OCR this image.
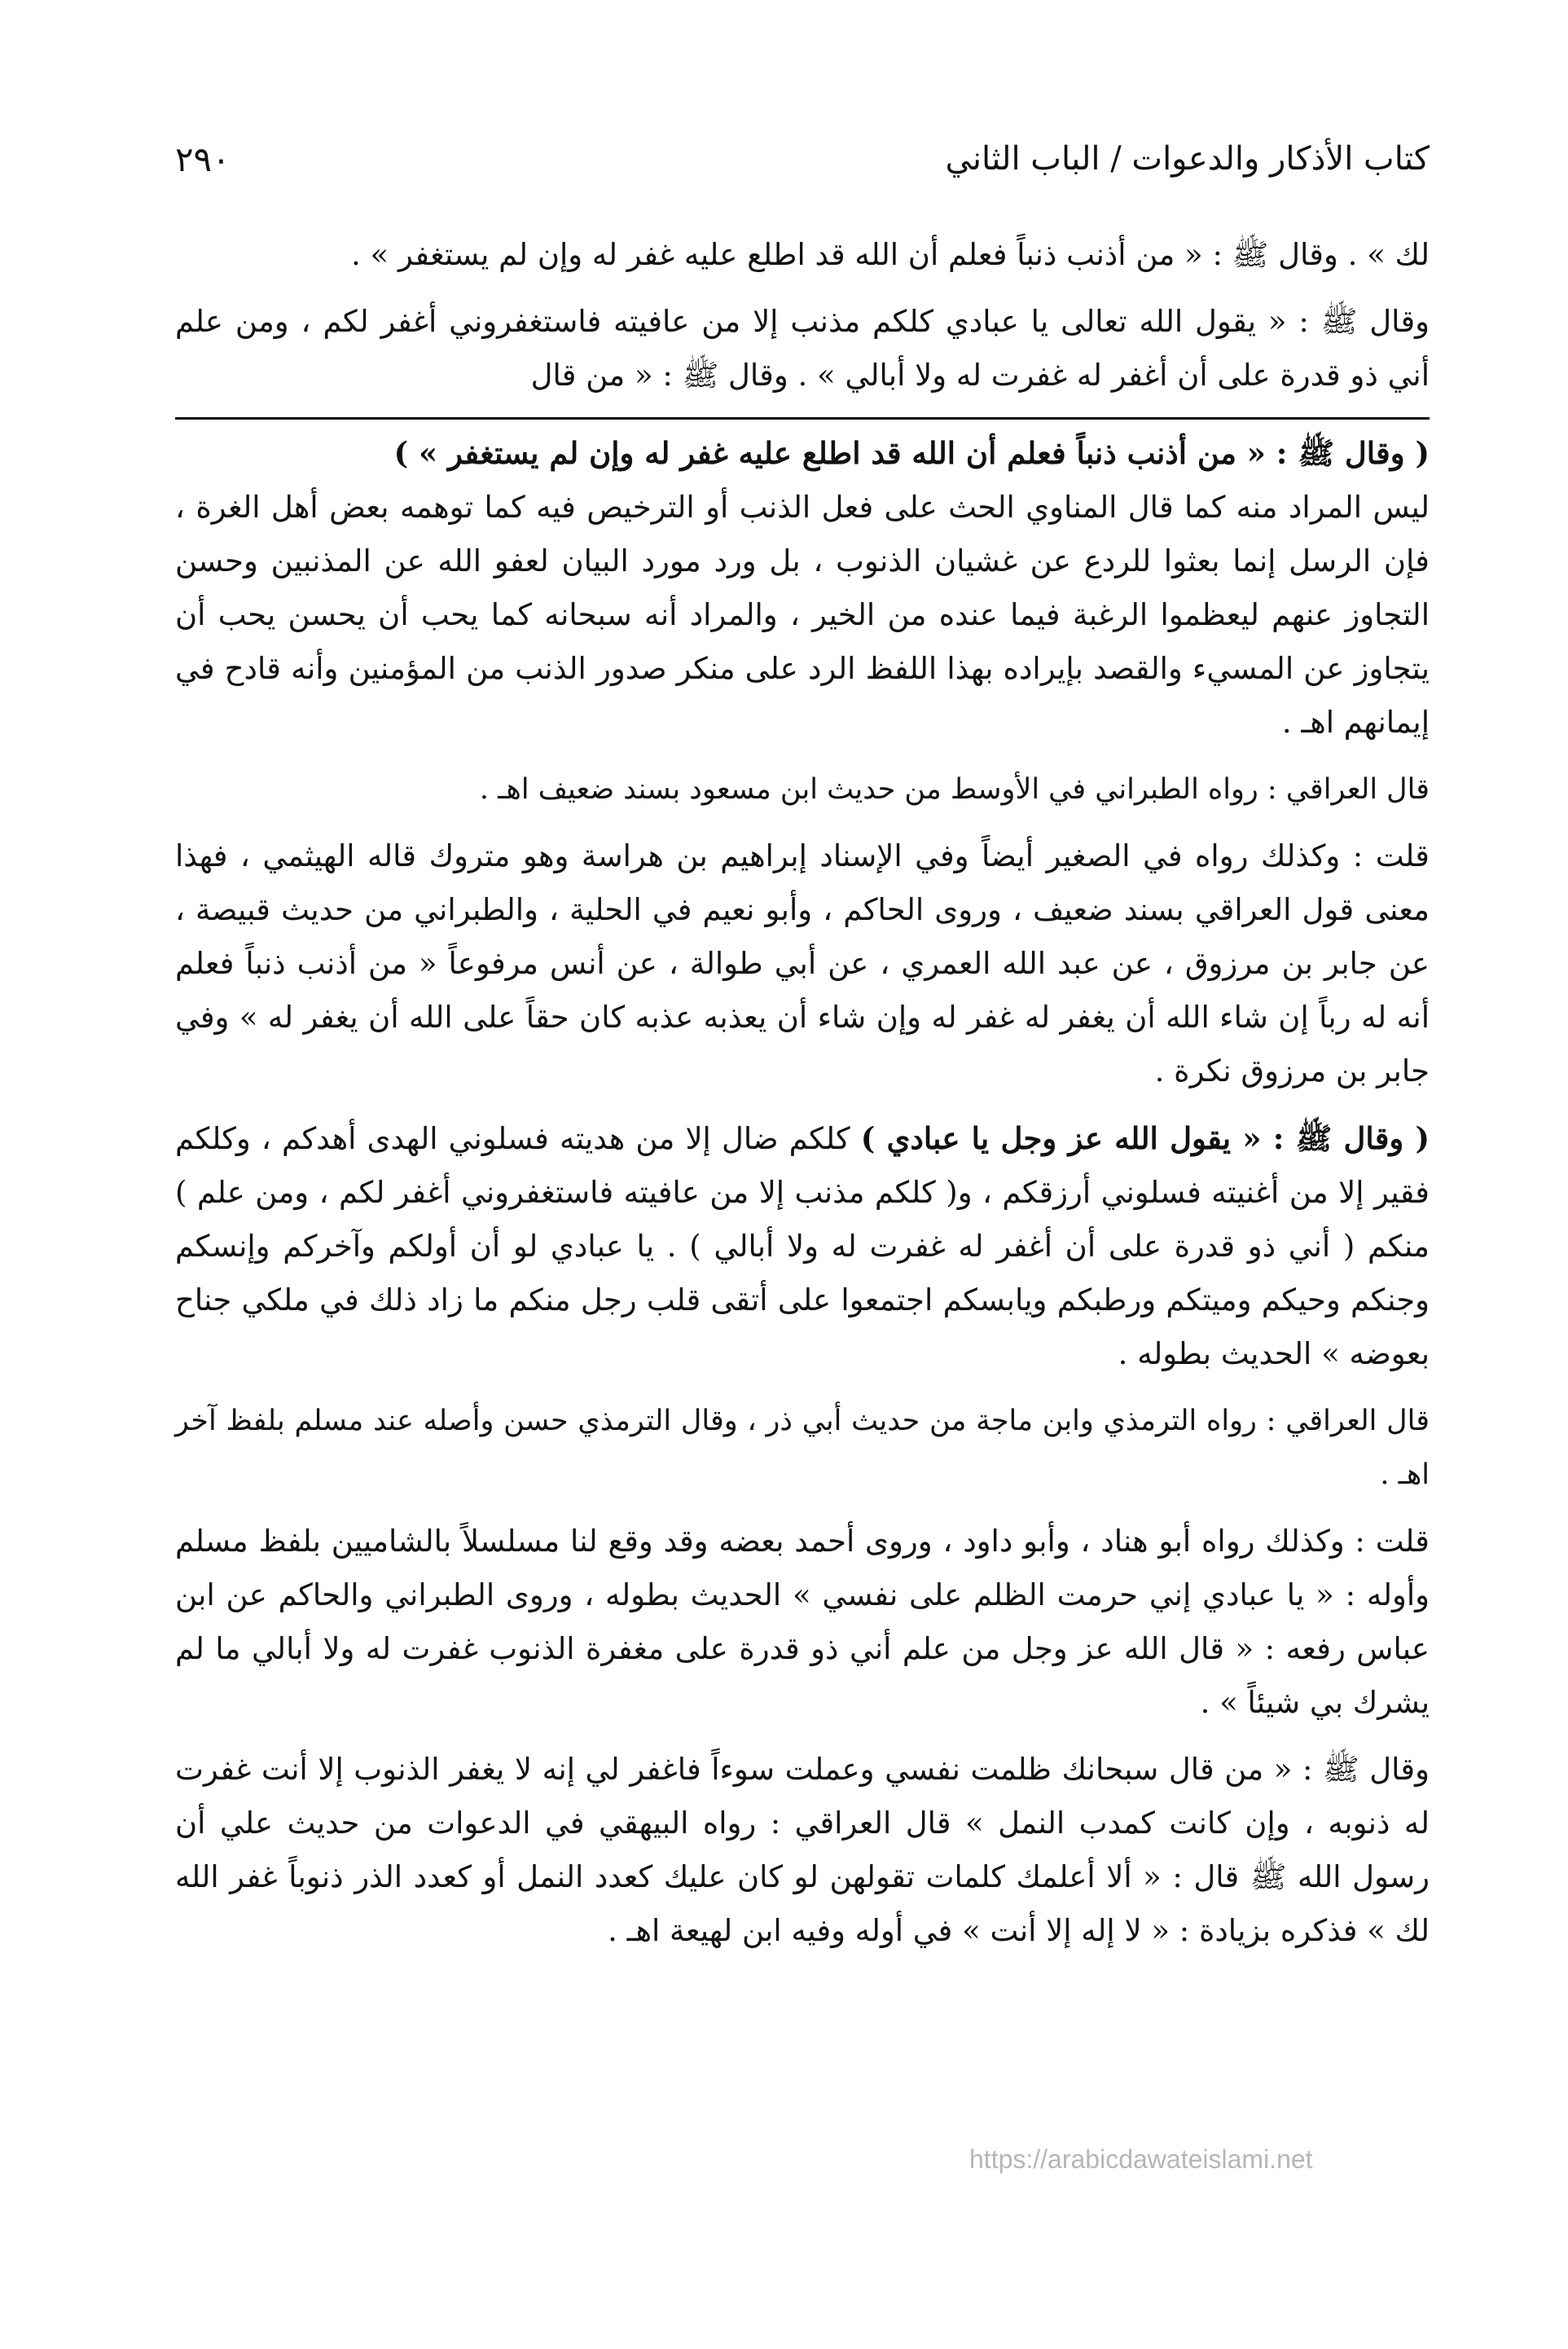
كتاب الأذكار والدعوات / الباب الثاني
٢٩٠

لك » . وقال ﷺ : « من أذنب ذنباً فعلم أن الله قد اطلع عليه غفر له وإن لم يستغفر » .

وقال ﷺ : « يقول الله تعالى يا عبادي كلكم مذنب إلا من عافيته فاستغفروني أغفر لكم ، ومن علم أني ذو قدرة على أن أغفر له غفرت له ولا أبالي » . وقال ﷺ : « من قال

( وقال ﷺ : « من أذنب ذنباً فعلم أن الله قد اطلع عليه غفر له وإن لم يستغفر » )
ليس المراد منه كما قال المناوي الحث على فعل الذنب أو الترخيص فيه كما توهمه بعض أهل الغرة ، فإن الرسل إنما بعثوا للردع عن غشيان الذنوب ، بل ورد مورد البيان لعفو الله عن المذنبين وحسن التجاوز عنهم ليعظموا الرغبة فيما عنده من الخير ، والمراد أنه سبحانه كما يحب أن يحسن يحب أن يتجاوز عن المسيء والقصد بإيراده بهذا اللفظ الرد على منكر صدور الذنب من المؤمنين وأنه قادح في إيمانهم اهـ .

قال العراقي : رواه الطبراني في الأوسط من حديث ابن مسعود بسند ضعيف اهـ .

قلت : وكذلك رواه في الصغير أيضاً وفي الإسناد إبراهيم بن هراسة وهو متروك قاله الهيثمي ، فهذا معنى قول العراقي بسند ضعيف ، وروى الحاكم ، وأبو نعيم في الحلية ، والطبراني من حديث قبيصة ، عن جابر بن مرزوق ، عن عبد الله العمري ، عن أبي طوالة ، عن أنس مرفوعاً « من أذنب ذنباً فعلم أنه له رباً إن شاء الله أن يغفر له غفر له وإن شاء أن يعذبه عذبه كان حقاً على الله أن يغفر له » وفي جابر بن مرزوق نكرة .

( وقال ﷺ : « يقول الله عز وجل يا عبادي ) كلكم ضال إلا من هديته فسلوني الهدى أهدكم ، وكلكم فقير إلا من أغنيته فسلوني أرزقكم ، و( كلكم مذنب إلا من عافيته فاستغفروني أغفر لكم ، ومن علم ) منكم ( أني ذو قدرة على أن أغفر له غفرت له ولا أبالي ) . يا عبادي لو أن أولكم وآخركم وإنسكم وجنكم وحيكم وميتكم ورطبكم ويابسكم اجتمعوا على أتقى قلب رجل منكم ما زاد ذلك في ملكي جناح بعوضه » الحديث بطوله .

قال العراقي : رواه الترمذي وابن ماجة من حديث أبي ذر ، وقال الترمذي حسن وأصله عند مسلم بلفظ آخر اهـ .

قلت : وكذلك رواه أبو هناد ، وأبو داود ، وروى أحمد بعضه وقد وقع لنا مسلسلاً بالشاميين بلفظ مسلم وأوله : « يا عبادي إني حرمت الظلم على نفسي » الحديث بطوله ، وروى الطبراني والحاكم عن ابن عباس رفعه : « قال الله عز وجل من علم أني ذو قدرة على مغفرة الذنوب غفرت له ولا أبالي ما لم يشرك بي شيئاً » .

وقال ﷺ : « من قال سبحانك ظلمت نفسي وعملت سوءاً فاغفر لي إنه لا يغفر الذنوب إلا أنت غفرت له ذنوبه ، وإن كانت كمدب النمل » قال العراقي : رواه البيهقي في الدعوات من حديث علي أن رسول الله ﷺ قال : « ألا أعلمك كلمات تقولهن لو كان عليك كعدد النمل أو كعدد الذر ذنوباً غفر الله لك » فذكره بزيادة : « لا إله إلا أنت » في أوله وفيه ابن لهيعة اهـ .

https://arabicdawateislami.net
